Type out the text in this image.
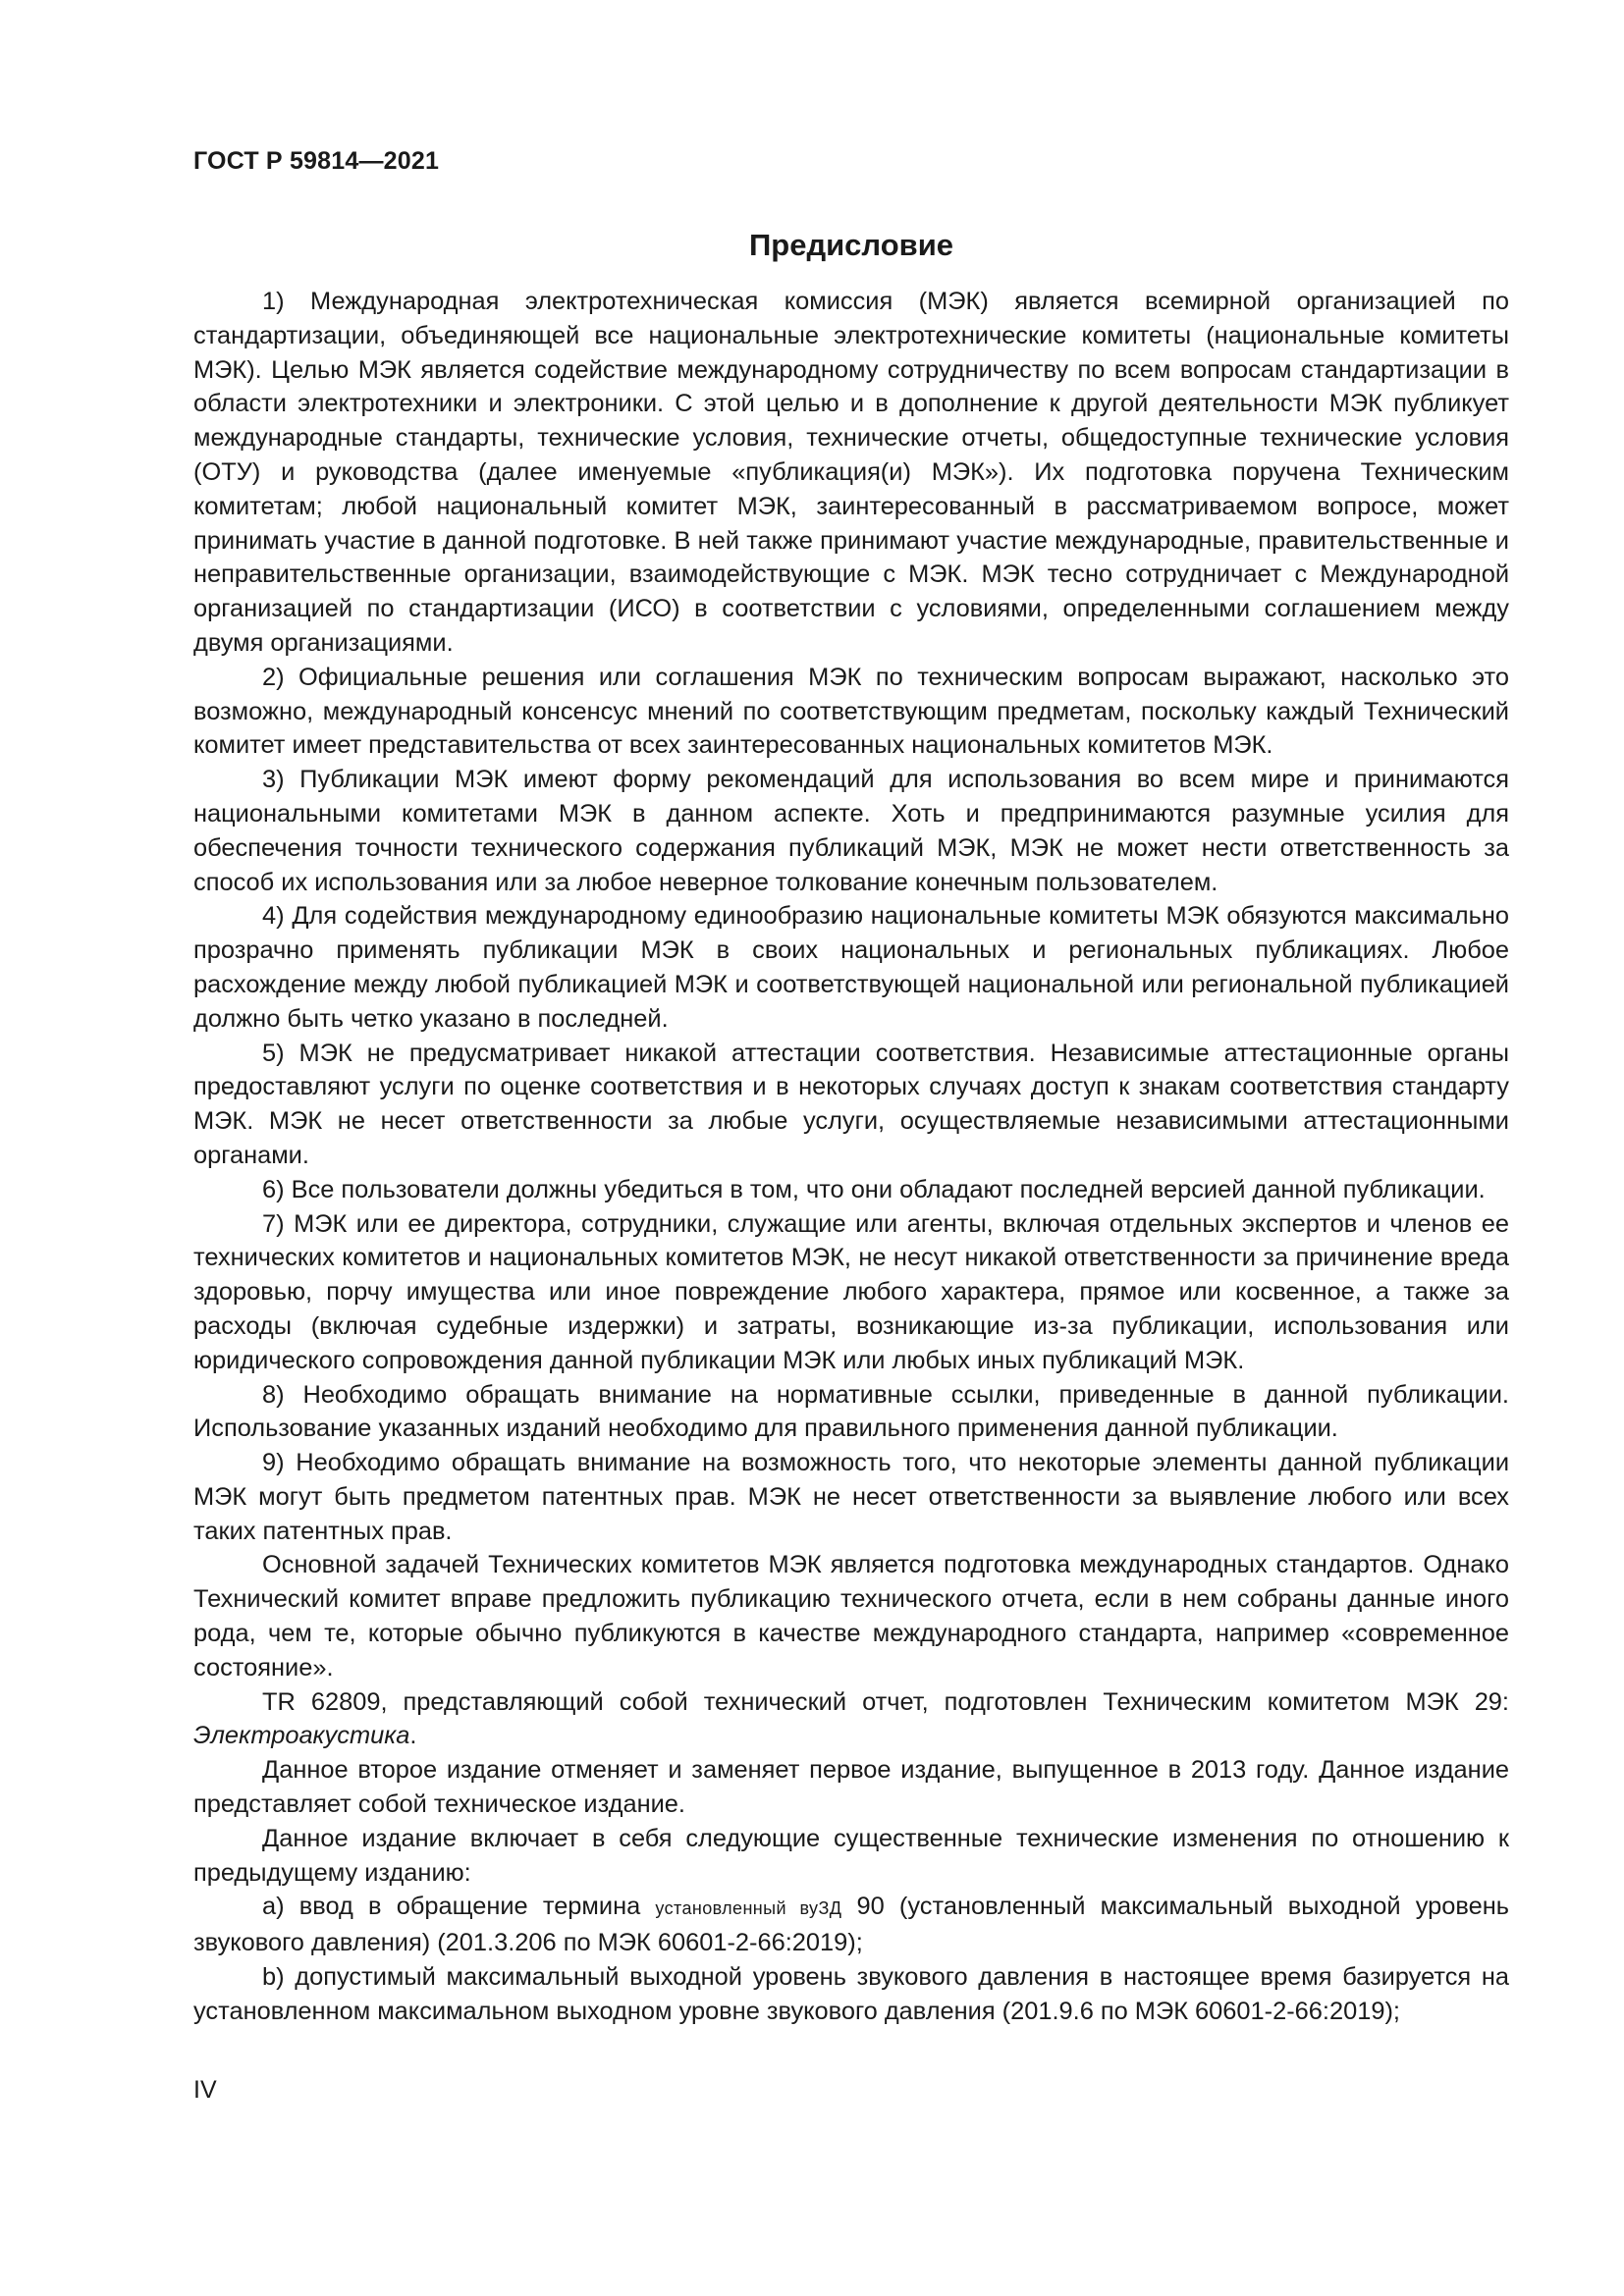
ГОСТ Р 59814—2021
Предисловие

1) Международная электротехническая комиссия (МЭК) является всемирной организацией по стандартизации, объединяющей все национальные электротехнические комитеты (национальные комитеты МЭК). Целью МЭК является содействие международному сотрудничеству по всем вопросам стандартизации в области электротехники и электроники. С этой целью и в дополнение к другой деятельности МЭК публикует международные стандарты, технические условия, технические отчеты, общедоступные технические условия (ОТУ) и руководства (далее именуемые «публикация(и) МЭК»). Их подготовка поручена Техническим комитетам; любой национальный комитет МЭК, заинтересованный в рассматриваемом вопросе, может принимать участие в данной подготовке. В ней также принимают участие международные, правительственные и неправительственные организации, взаимодействующие с МЭК. МЭК тесно сотрудничает с Международной организацией по стандартизации (ИСО) в соответствии с условиями, определенными соглашением между двумя организациями.

2) Официальные решения или соглашения МЭК по техническим вопросам выражают, насколько это возможно, международный консенсус мнений по соответствующим предметам, поскольку каждый Технический комитет имеет представительства от всех заинтересованных национальных комитетов МЭК.

3) Публикации МЭК имеют форму рекомендаций для использования во всем мире и принимаются национальными комитетами МЭК в данном аспекте. Хоть и предпринимаются разумные усилия для обеспечения точности технического содержания публикаций МЭК, МЭК не может нести ответственность за способ их использования или за любое неверное толкование конечным пользователем.

4) Для содействия международному единообразию национальные комитеты МЭК обязуются максимально прозрачно применять публикации МЭК в своих национальных и региональных публикациях. Любое расхождение между любой публикацией МЭК и соответствующей национальной или региональной публикацией должно быть четко указано в последней.

5) МЭК не предусматривает никакой аттестации соответствия. Независимые аттестационные органы предоставляют услуги по оценке соответствия и в некоторых случаях доступ к знакам соответствия стандарту МЭК. МЭК не несет ответственности за любые услуги, осуществляемые независимыми аттестационными органами.

6) Все пользователи должны убедиться в том, что они обладают последней версией данной публикации.

7) МЭК или ее директора, сотрудники, служащие или агенты, включая отдельных экспертов и членов ее технических комитетов и национальных комитетов МЭК, не несут никакой ответственности за причинение вреда здоровью, порчу имущества или иное повреждение любого характера, прямое или косвенное, а также за расходы (включая судебные издержки) и затраты, возникающие из-за публикации, использования или юридического сопровождения данной публикации МЭК или любых иных публикаций МЭК.

8) Необходимо обращать внимание на нормативные ссылки, приведенные в данной публикации. Использование указанных изданий необходимо для правильного применения данной публикации.

9) Необходимо обращать внимание на возможность того, что некоторые элементы данной публикации МЭК могут быть предметом патентных прав. МЭК не несет ответственности за выявление любого или всех таких патентных прав.

Основной задачей Технических комитетов МЭК является подготовка международных стандартов. Однако Технический комитет вправе предложить публикацию технического отчета, если в нем собраны данные иного рода, чем те, которые обычно публикуются в качестве международного стандарта, например «современное состояние».

TR 62809, представляющий собой технический отчет, подготовлен Техническим комитетом МЭК 29: Электроакустика.

Данное второе издание отменяет и заменяет первое издание, выпущенное в 2013 году. Данное издание представляет собой техническое издание.

Данное издание включает в себя следующие существенные технические изменения по отношению к предыдущему изданию:

a) ввод в обращение термина установленный вуЗД 90 (установленный максимальный выходной уровень звукового давления) (201.3.206 по МЭК 60601-2-66:2019);

b) допустимый максимальный выходной уровень звукового давления в настоящее время базируется на установленном максимальном выходном уровне звукового давления (201.9.6 по МЭК 60601-2-66:2019);

IV
